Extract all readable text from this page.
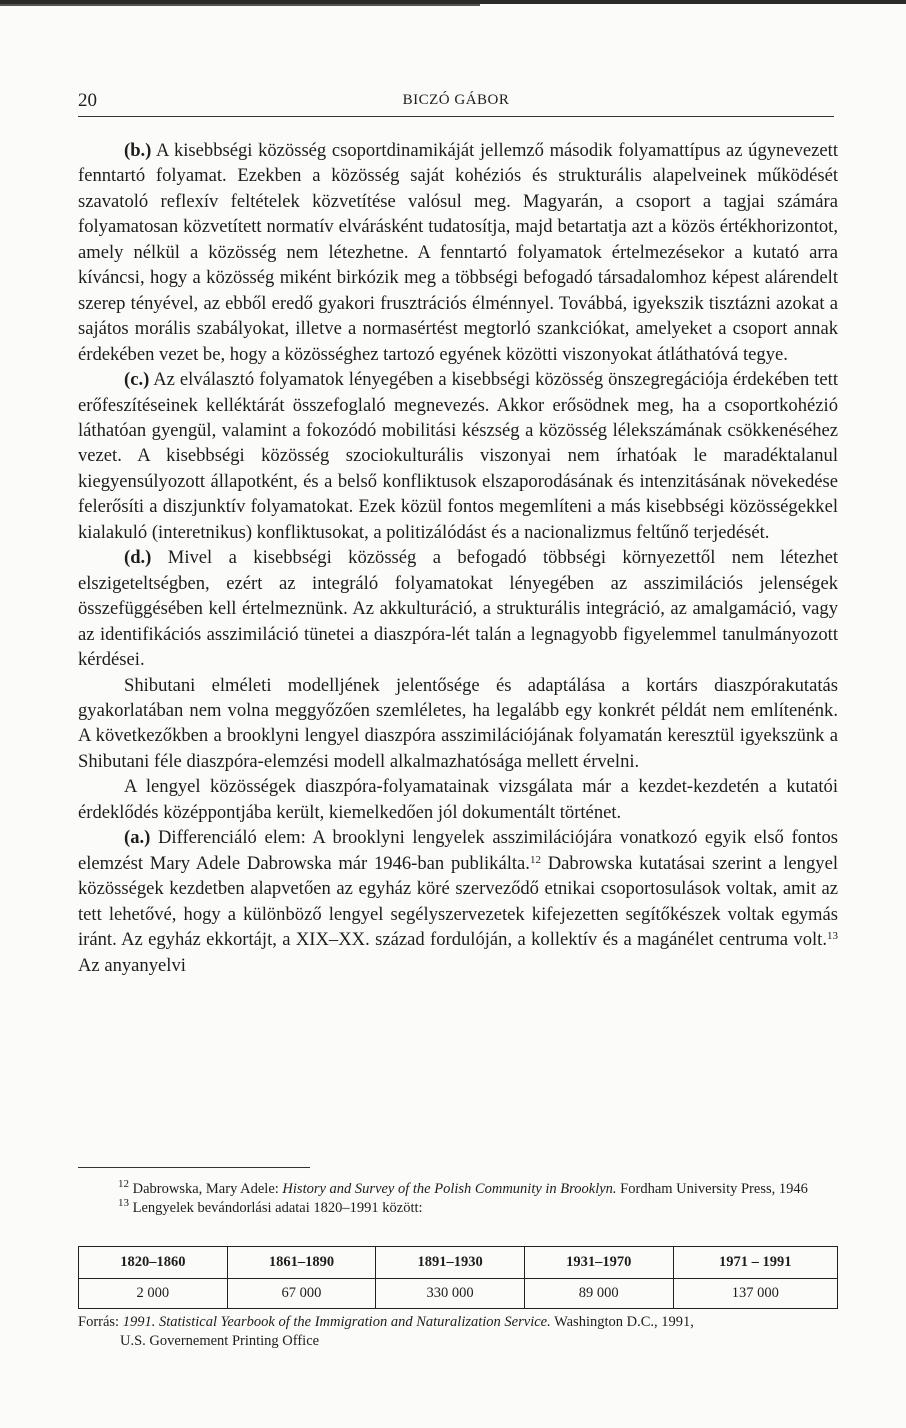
20	BICZÓ GÁBOR

(b.) A kisebbségi közösség csoportdinamikáját jellemző második folyamattípus az úgynevezett fenntartó folyamat. Ezekben a közösség saját kohéziós és strukturális alapelveinek működését szavatoló reflexív feltételek közvetítése valósul meg. Magyarán, a csoport a tagjai számára folyamatosan közvetített normatív elvárásként tudatosítja, majd betartatja azt a közös értékhorizontot, amely nélkül a közösség nem létezhetne. A fenntartó folyamatok értelmezésekor a kutató arra kíváncsi, hogy a közösség miként birkózik meg a többségi befogadó társadalomhoz képest alárendelt szerep tényével, az ebből eredő gyakori frusztrációs élménnyel. Továbbá, igyekszik tisztázni azokat a sajátos morális szabályokat, illetve a normasértést megtorló szankciókat, amelyeket a csoport annak érdekében vezet be, hogy a közösséghez tartozó egyének közötti viszonyokat átláthatóvá tegye.

(c.) Az elválasztó folyamatok lényegében a kisebbségi közösség önszegregációja érdekében tett erőfeszítéseinek kelléktárát összefoglaló megnevezés. Akkor erősödnek meg, ha a csoportkohézió láthatóan gyengül, valamint a fokozódó mobilitási készség a közösség lélekszámának csökkenéséhez vezet. A kisebbségi közösség szociokulturális viszonyai nem írhatóak le maradéktalanul kiegyensúlyozott állapotként, és a belső konfliktusok elszaporodásának és intenzitásának növekedése felerősíti a diszjunktív folyamatokat. Ezek közül fontos megemlíteni a más kisebbségi közösségekkel kialakuló (interetnikus) konfliktusokat, a politizálódást és a nacionalizmus feltűnő terjedését.

(d.) Mivel a kisebbségi közösség a befogadó többségi környezettől nem létezhet elszigeteltségben, ezért az integráló folyamatokat lényegében az asszimilációs jelenségek összefüggésében kell értelmeznünk. Az akkulturáció, a strukturális integráció, az amalgamáció, vagy az identifikációs asszimiláció tünetei a diaszpóra-lét talán a legnagyobb figyelemmel tanulmányozott kérdései.

Shibutani elméleti modelljének jelentősége és adaptálása a kortárs diaszpórakutatás gyakorlatában nem volna meggyőzően szemléletes, ha legalább egy konkrét példát nem említenénk. A következőkben a brooklyni lengyel diaszpóra asszimilációjának folyamatán keresztül igyekszünk a Shibutani féle diaszpóra-elemzési modell alkalmazhatósága mellett érvelni.

A lengyel közösségek diaszpóra-folyamatainak vizsgálata már a kezdet-kezdetén a kutatói érdeklődés középpontjába került, kiemelkedően jól dokumentált történet.

(a.) Differenciáló elem: A brooklyni lengyelek asszimilációjára vonatkozó egyik első fontos elemzést Mary Adele Dabrowska már 1946-ban publikálta.$^{12}$ Dabrowska kutatásai szerint a lengyel közösségek kezdetben alapvetően az egyház köré szerveződő etnikai csoportosulások voltak, amit az tett lehetővé, hogy a különböző lengyel segélyszervezetek kifejezetten segítőkészek voltak egymás iránt. Az egyház ekkortájt, a XIX–XX. század fordulóján, a kollektív és a magánélet centruma volt.$^{13}$ Az anyanyelvi

$^{12}$ Dabrowska, Mary Adele: History and Survey of the Polish Community in Brooklyn. Fordham University Press, 1946

$^{13}$ Lengyelek bevándorlási adatai 1820–1991 között:

1820–1860	1861–1890	1891–1930	1931–1970	1971 – 1991
2 000	67 000	330 000	89 000	137 000
Forrás: 1991. Statistical Yearbook of the Immigration and Naturalization Service. Washington D.C., 1991,
U.S. Governement Printing Office
